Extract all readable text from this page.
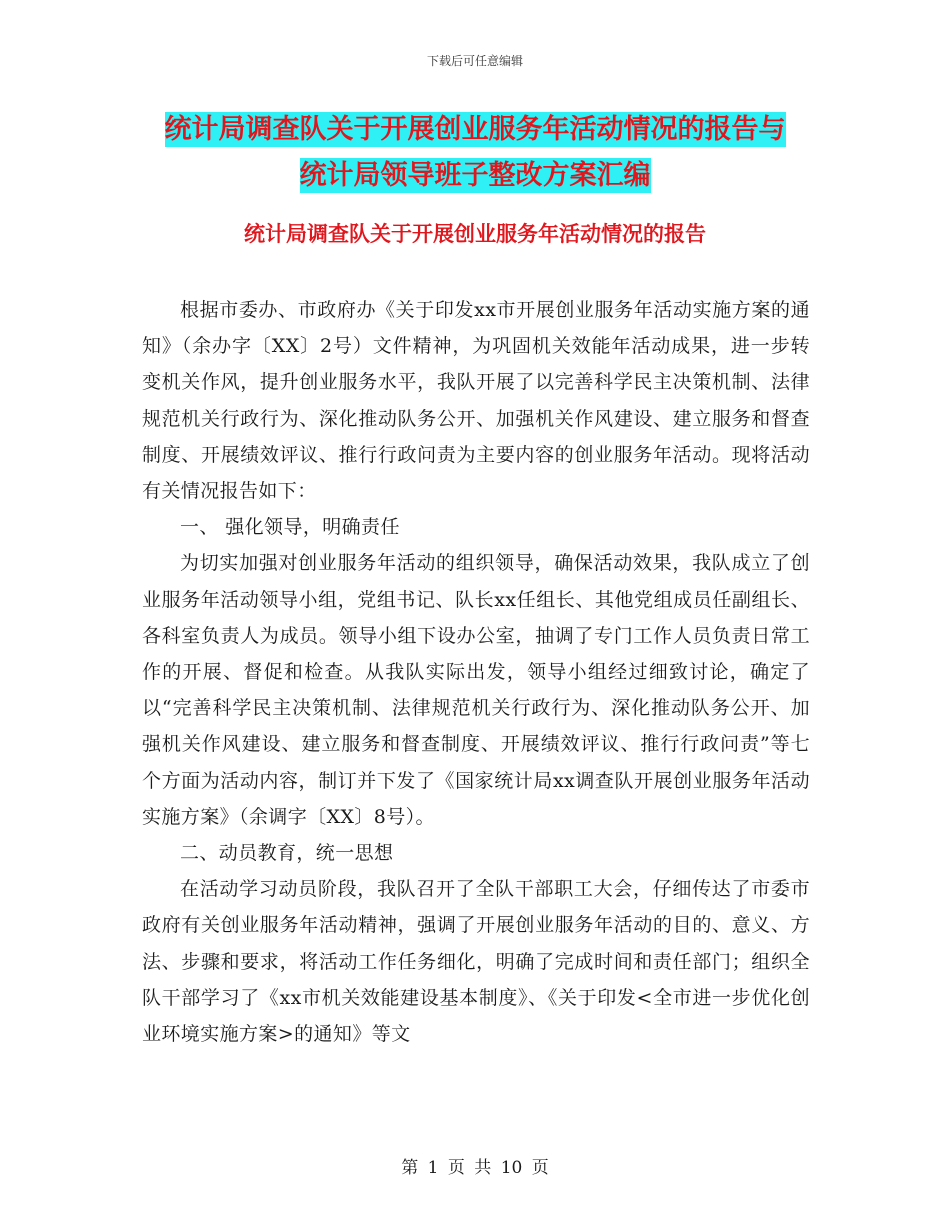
下载后可任意编辑
统计局调查队关于开展创业服务年活动情况的报告与
统计局领导班子整改方案汇编
统计局调查队关于开展创业服务年活动情况的报告

根据市委办、市政府办《关于印发xx市开展创业服务年活动实施方案的通知》（余办字〔XX〕2号）文件精神，为巩固机关效能年活动成果，进一步转变机关作风，提升创业服务水平，我队开展了以完善科学民主决策机制、法律规范机关行政行为、深化推动队务公开、加强机关作风建设、建立服务和督查制度、开展绩效评议、推行行政问责为主要内容的创业服务年活动。现将活动有关情况报告如下：

一、 强化领导，明确责任

为切实加强对创业服务年活动的组织领导，确保活动效果，我队成立了创业服务年活动领导小组，党组书记、队长xx任组长、其他党组成员任副组长、各科室负责人为成员。领导小组下设办公室，抽调了专门工作人员负责日常工作的开展、督促和检查。从我队实际出发，领导小组经过细致讨论，确定了以“完善科学民主决策机制、法律规范机关行政行为、深化推动队务公开、加强机关作风建设、建立服务和督查制度、开展绩效评议、推行行政问责”等七个方面为活动内容，制订并下发了《国家统计局xx调查队开展创业服务年活动实施方案》（余调字〔XX〕8号）。

二、动员教育，统一思想

在活动学习动员阶段，我队召开了全队干部职工大会，仔细传达了市委市政府有关创业服务年活动精神，强调了开展创业服务年活动的目的、意义、方法、步骤和要求，将活动工作任务细化，明确了完成时间和责任部门；组织全队干部学习了《xx市机关效能建设基本制度》、《关于印发<全市进一步优化创业环境实施方案>的通知》等文

第 1 页 共 10 页
